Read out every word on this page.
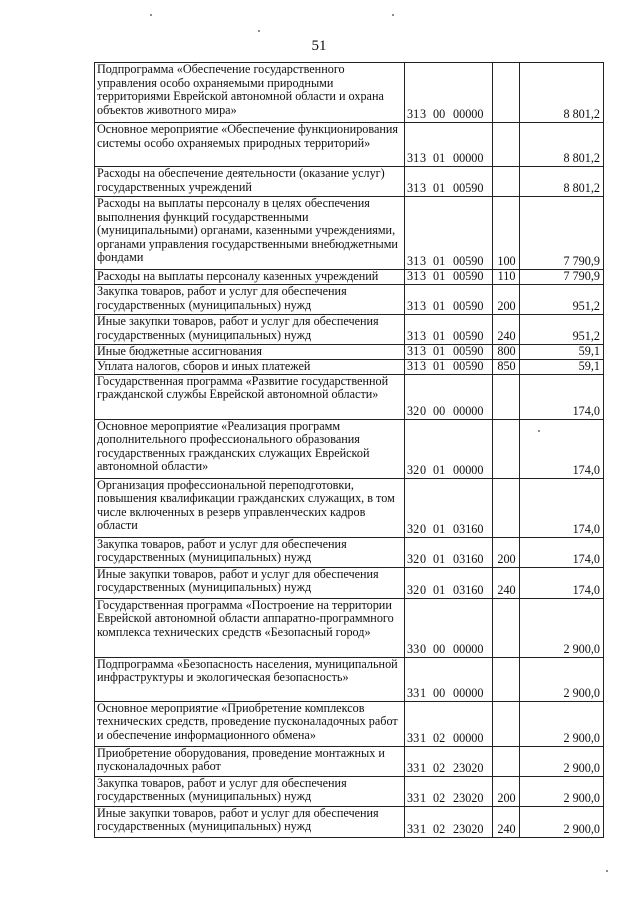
51
Подпрограмма «Обеспечение государственного управления особо охраняемыми природными территориями Еврейской автономной области и охрана объектов животного мира»	313 00 00000		8 801,2
Основное мероприятие «Обеспечение функционирования системы особо охраняемых природных территорий»	313 01 00000		8 801,2
Расходы на обеспечение деятельности (оказание услуг) государственных учреждений	313 01 00590		8 801,2
Расходы на выплаты персоналу в целях обеспечения выполнения функций государственными (муниципальными) органами, казенными учреждениями, органами управления государственными внебюджетными фондами	313 01 00590	100	7 790,9
Расходы на выплаты персоналу казенных учреждений	313 01 00590	110	7 790,9
Закупка товаров, работ и услуг для обеспечения государственных (муниципальных) нужд	313 01 00590	200	951,2
Иные закупки товаров, работ и услуг для обеспечения государственных (муниципальных) нужд	313 01 00590	240	951,2
Иные бюджетные ассигнования	313 01 00590	800	59,1
Уплата налогов, сборов и иных платежей	313 01 00590	850	59,1
Государственная программа «Развитие государственной гражданской службы Еврейской автономной области»	320 00 00000		174,0
Основное мероприятие «Реализация программ дополнительного профессионального образования государственных гражданских служащих Еврейской автономной области»	320 01 00000		174,0
Организация профессиональной переподготовки, повышения квалификации гражданских служащих, в том числе включенных в резерв управленческих кадров области	320 01 03160		174,0
Закупка товаров, работ и услуг для обеспечения государственных (муниципальных) нужд	320 01 03160	200	174,0
Иные закупки товаров, работ и услуг для обеспечения государственных (муниципальных) нужд	320 01 03160	240	174,0
Государственная программа «Построение на территории Еврейской автономной области аппаратно-программного комплекса технических средств «Безопасный город»	330 00 00000		2 900,0
Подпрограмма «Безопасность населения, муниципальной инфраструктуры и экологическая безопасность»	331 00 00000		2 900,0
Основное мероприятие «Приобретение комплексов технических средств, проведение пусконаладочных работ и обеспечение информационного обмена»	331 02 00000		2 900,0
Приобретение оборудования, проведение монтажных и пусконаладочных работ	331 02 23020		2 900,0
Закупка товаров, работ и услуг для обеспечения государственных (муниципальных) нужд	331 02 23020	200	2 900,0
Иные закупки товаров, работ и услуг для обеспечения государственных (муниципальных) нужд	331 02 23020	240	2 900,0
